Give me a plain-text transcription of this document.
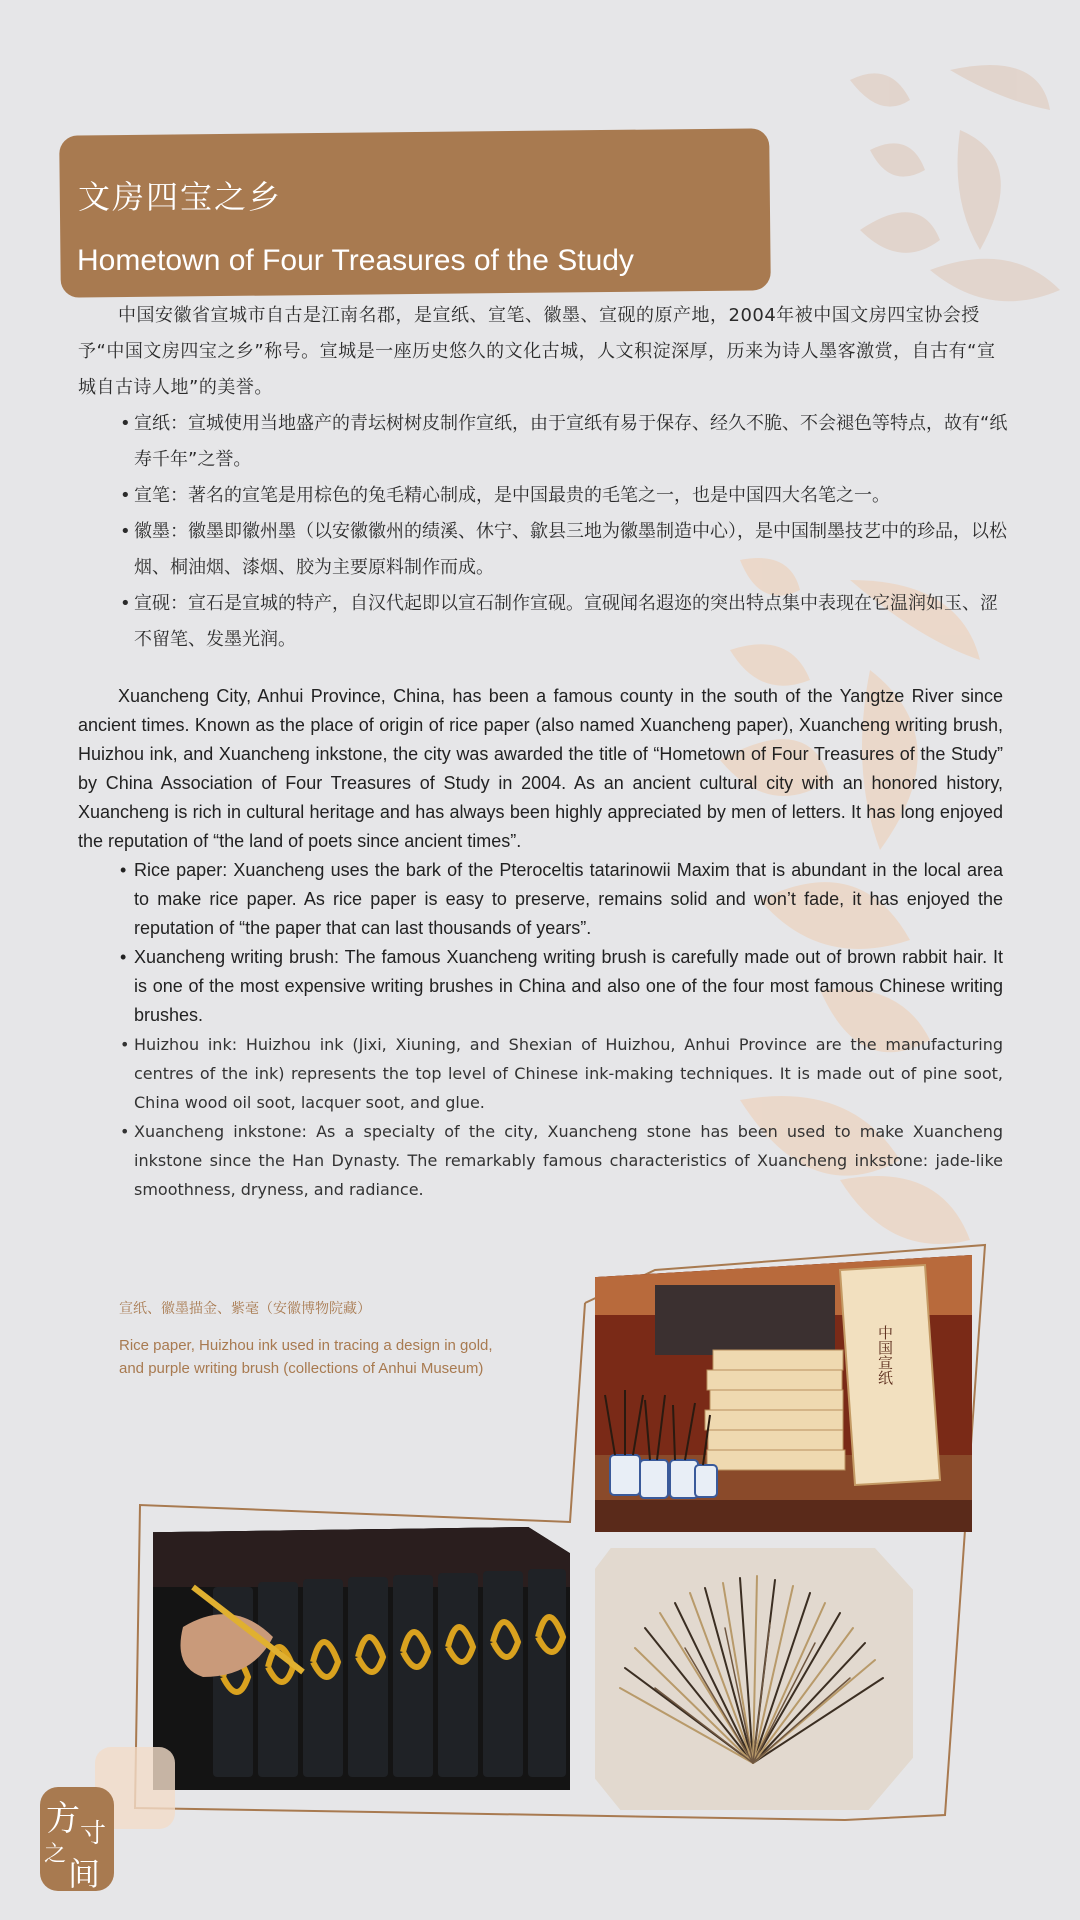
文房四宝之乡
Hometown of Four Treasures of the Study

中国安徽省宣城市自古是江南名郡，是宣纸、宣笔、徽墨、宣砚的原产地，2004年被中国文房四宝协会授予“中国文房四宝之乡”称号。宣城是一座历史悠久的文化古城，人文积淀深厚，历来为诗人墨客激赏，自古有“宣城自古诗人地”的美誉。

• 宣纸：宣城使用当地盛产的青坛树树皮制作宣纸，由于宣纸有易于保存、经久不脆、不会褪色等特点，故有“纸寿千年”之誉。
• 宣笔：著名的宣笔是用棕色的兔毛精心制成，是中国最贵的毛笔之一，也是中国四大名笔之一。
• 徽墨：徽墨即徽州墨（以安徽徽州的绩溪、休宁、歙县三地为徽墨制造中心），是中国制墨技艺中的珍品，以松烟、桐油烟、漆烟、胶为主要原料制作而成。
• 宣砚：宣石是宣城的特产，自汉代起即以宣石制作宣砚。宣砚闻名遐迩的突出特点集中表现在它温润如玉、涩不留笔、发墨光润。

Xuancheng City, Anhui Province, China, has been a famous county in the south of the Yangtze River since ancient times. Known as the place of origin of rice paper (also named Xuancheng paper), Xuancheng writing brush, Huizhou ink, and Xuancheng inkstone, the city was awarded the title of “Hometown of Four Treasures of the Study” by China Association of Four Treasures of Study in 2004. As an ancient cultural city with an honored history, Xuancheng is rich in cultural heritage and has always been highly appreciated by men of letters. It has long enjoyed the reputation of “the land of poets since ancient times”.

• Rice paper: Xuancheng uses the bark of the Pteroceltis tatarinowii Maxim that is abundant in the local area to make rice paper. As rice paper is easy to preserve, remains solid and won’t fade, it has enjoyed the reputation of “the paper that can last thousands of years”.
• Xuancheng writing brush: The famous Xuancheng writing brush is carefully made out of brown rabbit hair. It is one of the most expensive writing brushes in China and also one of the four most famous Chinese writing brushes.
• Huizhou ink: Huizhou ink (Jixi, Xiuning, and Shexian of Huizhou, Anhui Province are the manufacturing centres of the ink) represents the top level of Chinese ink-making techniques. It is made out of pine soot, China wood oil soot, lacquer soot, and glue.
• Xuancheng inkstone: As a specialty of the city, Xuancheng stone has been used to make Xuancheng inkstone since the Han Dynasty. The remarkably famous characteristics of Xuancheng inkstone: jade-like smoothness, dryness, and radiance.
宣纸、徽墨描金、紫毫（安徽博物院藏）
Rice paper, Huizhou ink used in tracing a design in gold, and purple writing brush (collections of Anhui Museum)	中国宣纸
方 寸
之
间
